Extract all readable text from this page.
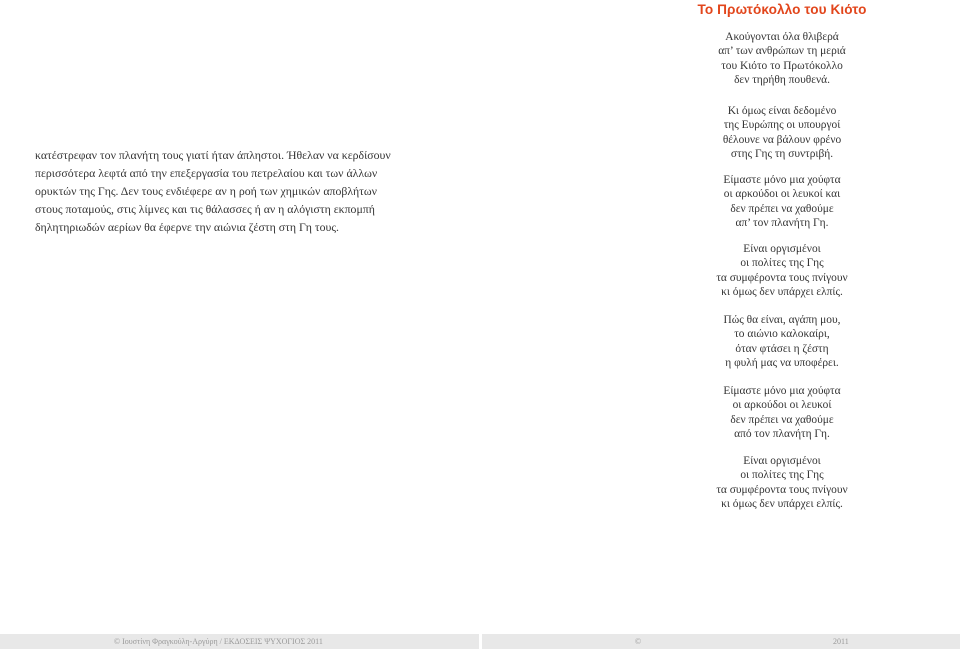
κατέστρεφαν τον πλανήτη τους γιατί ήταν άπληστοι. Ήθελαν να κερδίσουν
περισσότερα λεφτά από την επεξεργασία του πετρελαίου και των άλλων
ορυκτών της Γης. Δεν τους ενδιέφερε αν η ροή των χημικών αποβλήτων
στους ποταμούς, στις λίμνες και τις θάλασσες ή αν η αλόγιστη εκπομπή
δηλητηριωδών αερίων θα έφερνε την αιώνια ζέστη στη Γη τους.
Το Πρωτόκολλο του Κιότο
Ακούγονται όλα θλιβερά
απ’ των ανθρώπων τη μεριά
του Κιότο το Πρωτόκολλο
δεν τηρήθη πουθενά.
Κι όμως είναι δεδομένο
της Ευρώπης οι υπουργοί
θέλουνε να βάλουν φρένο
στης Γης τη συντριβή.
Είμαστε μόνο μια χούφτα
οι αρκούδοι οι λευκοί και
δεν πρέπει να χαθούμε
απ’ τον πλανήτη Γη.
Είναι οργισμένοι
οι πολίτες της Γης
τα συμφέροντα τους πνίγουν
κι όμως δεν υπάρχει ελπίς.
Πώς θα είναι, αγάπη μου,
το αιώνιο καλοκαίρι,
όταν φτάσει η ζέστη
η φυλή μας να υποφέρει.
Είμαστε μόνο μια χούφτα
οι αρκούδοι οι λευκοί
δεν πρέπει να χαθούμε
από τον πλανήτη Γη.
Είναι οργισμένοι
οι πολίτες της Γης
τα συμφέροντα τους πνίγουν
κι όμως δεν υπάρχει ελπίς.
© Ιουστίνη Φραγκούλη-Αργύρη / ΕΚΔΟΣΕΙΣ ΨΥΧΟΓΙΟΣ 2011	©	2011
